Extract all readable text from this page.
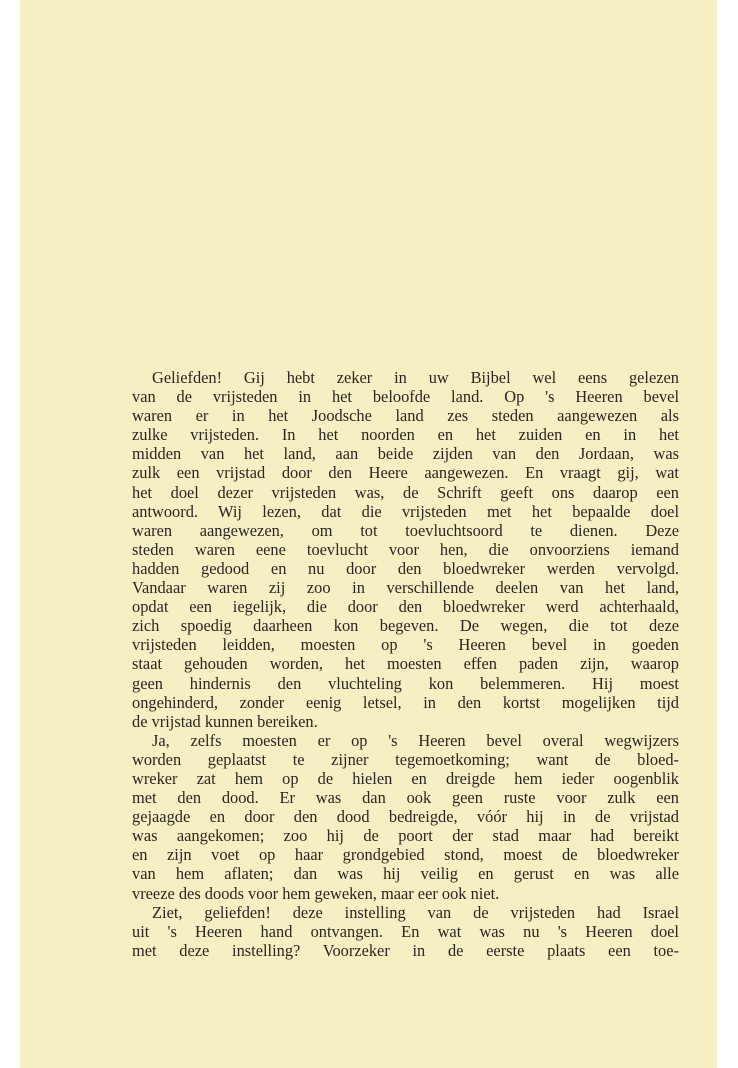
Geliefden! Gij hebt zeker in uw Bijbel wel eens gelezen
van de vrijsteden in het beloofde land. Op 's Heeren bevel
waren er in het Joodsche land zes steden aangewezen als
zulke vrijsteden. In het noorden en het zuiden en in het
midden van het land, aan beide zijden van den Jordaan, was
zulk een vrijstad door den Heere aangewezen. En vraagt gij, wat
het doel dezer vrijsteden was, de Schrift geeft ons daarop een
antwoord. Wij lezen, dat die vrijsteden met het bepaalde doel
waren aangewezen, om tot toevluchtsoord te dienen. Deze
steden waren eene toevlucht voor hen, die onvoorziens iemand
hadden gedood en nu door den bloedwreker werden vervolgd.
Vandaar waren zij zoo in verschillende deelen van het land,
opdat een iegelijk, die door den bloedwreker werd achterhaald,
zich spoedig daarheen kon begeven. De wegen, die tot deze
vrijsteden leidden, moesten op 's Heeren bevel in goeden
staat gehouden worden, het moesten effen paden zijn, waarop
geen hindernis den vluchteling kon belemmeren. Hij moest
ongehinderd, zonder eenig letsel, in den kortst mogelijken tijd
de vrijstad kunnen bereiken.
Ja, zelfs moesten er op 's Heeren bevel overal wegwijzers
worden geplaatst te zijner tegemoetkoming; want de bloed-
wreker zat hem op de hielen en dreigde hem ieder oogenblik
met den dood. Er was dan ook geen ruste voor zulk een
gejaagde en door den dood bedreigde, vóór hij in de vrijstad
was aangekomen; zoo hij de poort der stad maar had bereikt
en zijn voet op haar grondgebied stond, moest de bloedwreker
van hem aflaten; dan was hij veilig en gerust en was alle
vreeze des doods voor hem geweken, maar eer ook niet.
Ziet, geliefden! deze instelling van de vrijsteden had Israel
uit 's Heeren hand ontvangen. En wat was nu 's Heeren doel
met deze instelling? Voorzeker in de eerste plaats een toe-
